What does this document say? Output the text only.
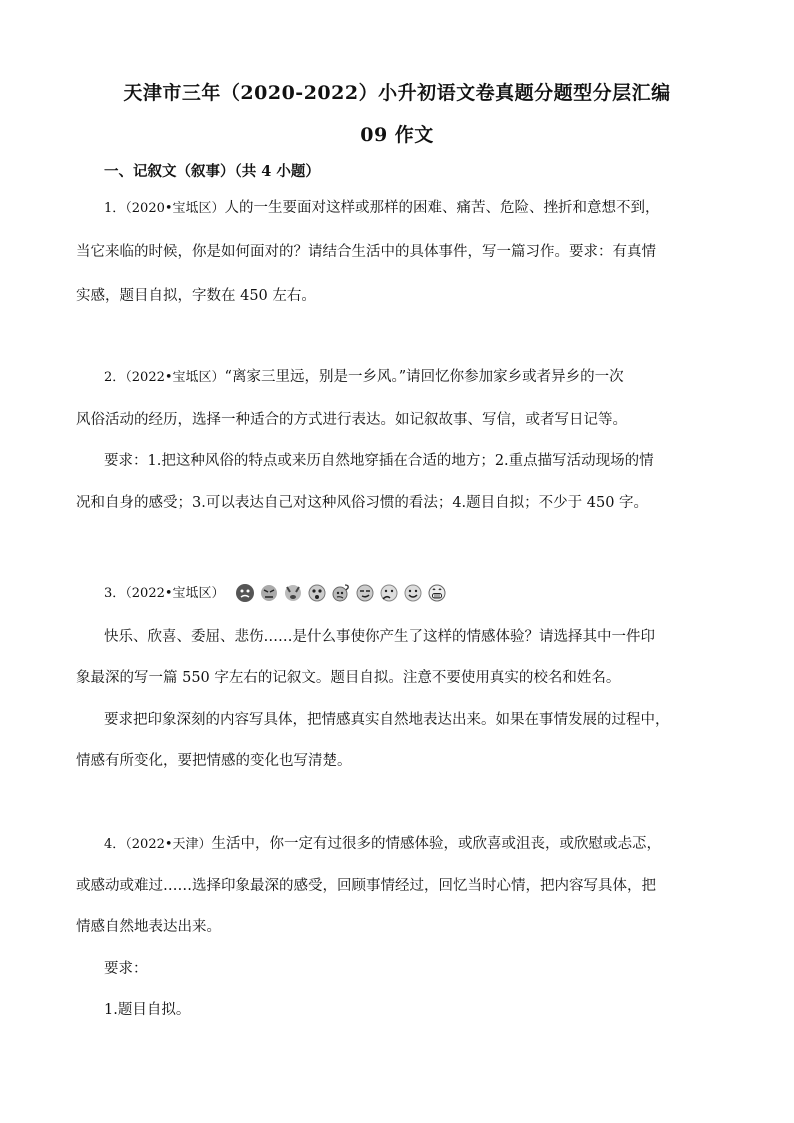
天津市三年（2020-2022）小升初语文卷真题分题型分层汇编
09 作文
一、记叙文（叙事）（共 4 小题）
1．（2020•宝坻区）人的一生要面对这样或那样的困难、痛苦、危险、挫折和意想不到，
当它来临的时候，你是如何面对的？请结合生活中的具体事件，写一篇习作。要求：有真情
实感，题目自拟，字数在 450 左右。
2．（2022•宝坻区）“离家三里远，别是一乡风。”请回忆你参加家乡或者异乡的一次
风俗活动的经历，选择一种适合的方式进行表达。如记叙故事、写信，或者写日记等。
要求：1.把这种风俗的特点或来历自然地穿插在合适的地方；2.重点描写活动现场的情
况和自身的感受；3.可以表达自己对这种风俗习惯的看法；4.题目自拟；不少于 450 字。
3．（2022•宝坻区）
快乐、欣喜、委屈、悲伤……是什么事使你产生了这样的情感体验？请选择其中一件印
象最深的写一篇 550 字左右的记叙文。题目自拟。注意不要使用真实的校名和姓名。
要求把印象深刻的内容写具体，把情感真实自然地表达出来。如果在事情发展的过程中，
情感有所变化，要把情感的变化也写清楚。
4．（2022•天津）生活中，你一定有过很多的情感体验，或欣喜或沮丧，或欣慰或忐忑，
或感动或难过……选择印象最深的感受，回顾事情经过，回忆当时心情，把内容写具体，把
情感自然地表达出来。
要求：
1.题目自拟。
